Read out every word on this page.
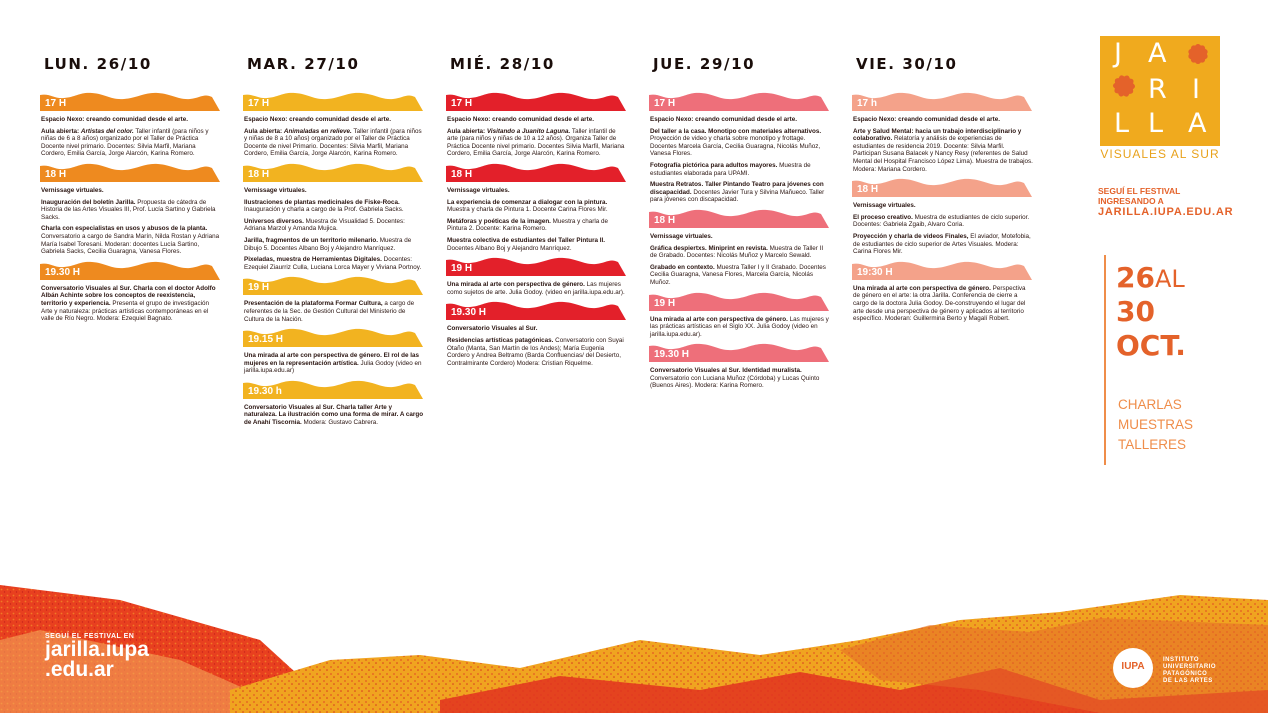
LUN. 26/10
17 H

Espacio Nexo: creando comunidad desde el arte.

Aula abierta: Artistas del color. Taller infantil (para niños y niñas de 6 a 8 años) organizado por el Taller de Práctica Docente nivel primario. Docentes: Silvia Marfil, Mariana Cordero, Emilia García, Jorge Alarcón, Karina Romero.

18 H

Vernissage virtuales.

Inauguración del boletín Jarilla. Propuesta de cátedra de Historia de las Artes Visuales III, Prof. Lucía Sartino y Gabriela Sacks.

Charla con especialistas en usos y abusos de la planta. Conversatorio a cargo de Sandra Marín, Nilda Rostan y Adriana María Isabel Toresani. Moderan: docentes Lucía Sartino, Gabriela Sacks, Cecilia Guaragna, Vanesa Flores.

19.30 H

Conversatorio Visuales al Sur. Charla con el doctor Adolfo Albán Achinte sobre los conceptos de reexistencia, territorio y experiencia. Presenta el grupo de investigación Arte y naturaleza: prácticas artísticas contemporáneas en el valle de Río Negro. Modera: Ezequiel Bagnato.

MAR. 27/10
17 H

Espacio Nexo: creando comunidad desde el arte.

Aula abierta: Animaladas en relieve. Taller infantil (para niños y niñas de 8 a 10 años) organizado por el Taller de Práctica Docente de nivel Primario. Docentes: Silvia Marfil, Mariana Cordero, Emilia García, Jorge Alarcón, Karina Romero.

18 H

Vernissage virtuales.

Ilustraciones de plantas medicinales de Fiske-Roca. Inauguración y charla a cargo de la Prof. Gabriela Sacks.

Universos diversos. Muestra de Visualidad 5. Docentes: Adriana Marzol y Amanda Mujica.

Jarilla, fragmentos de un territorio milenario. Muestra de Dibujo 5. Docentes Albano Boj y Alejandro Manríquez.

Pixeladas, muestra de Herramientas Digitales. Docentes: Ezequiel Ziaurriz Culla, Luciana Lorca Mayer y Viviana Portnoy.

19 H

Presentación de la plataforma Formar Cultura, a cargo de referentes de la Sec. de Gestión Cultural del Ministerio de Cultura de la Nación.

19.15 H

Una mirada al arte con perspectiva de género. El rol de las mujeres en la representación artística. Julia Godoy (video en jarilla.iupa.edu.ar)

19.30 h

Conversatorio Visuales al Sur. Charla taller Arte y naturaleza. La ilustración como una forma de mirar. A cargo de Anahí Tiscornia. Modera: Gustavo Cabrera.

MIÉ. 28/10
17 H

Espacio Nexo: creando comunidad desde el arte.

Aula abierta: Visitando a Juanito Laguna. Taller infantil de arte (para niños y niñas de 10 a 12 años). Organiza Taller de Práctica Docente nivel primario. Docentes Silvia Marfil, Mariana Cordero, Emilia García, Jorge Alarcón, Karina Romero.

18 H

Vernissage virtuales.

La experiencia de comenzar a dialogar con la pintura. Muestra y charla de Pintura 1. Docente Carina Flores Mir.

Metáforas y poéticas de la imagen. Muestra y charla de Pintura 2. Docente: Karina Romero.

Muestra colectiva de estudiantes del Taller Pintura II. Docentes Albano Boj y Alejandro Manríquez.

19 H

Una mirada al arte con perspectiva de género. Las mujeres como sujetos de arte. Julia Godoy. (video en jarilla.iupa.edu.ar).

19.30 H

Conversatorio Visuales al Sur.

Residencias artísticas patagónicas. Conversatorio con Suyai Otaño (Manta, San Martín de los Andes); María Eugenia Cordero y Andrea Beltramo (Barda Confluencias/ del Desierto, Contralmirante Cordero) Modera: Cristian Riquelme.

JUE. 29/10
17 H

Espacio Nexo: creando comunidad desde el arte.

Del taller a la casa. Monotipo con materiales alternativos. Proyección de video y charla sobre monotipo y frottage. Docentes Marcela García, Cecilia Guaragna, Nicolás Muñoz, Vanesa Flores.

Fotografía pictórica para adultos mayores. Muestra de estudiantes elaborada para UPAMI.

Muestra Retratos. Taller Pintando Teatro para jóvenes con discapacidad. Docentes Javier Tura y Silvina Mañueco. Taller para jóvenes con discapacidad.

18 H

Vernissage virtuales.

Gráfica despiertxs. Miniprint en revista. Muestra de Taller II de Grabado. Docentes: Nicolás Muñoz y Marcelo Sewald.

Grabado en contexto. Muestra Taller I y II Grabado. Docentes Cecilia Guaragna, Vanesa Flores, Marcela García, Nicolás Muñoz.

19 H

Una mirada al arte con perspectiva de género. Las mujeres y las prácticas artísticas en el Siglo XX. Julia Godoy (video en jarilla.iupa.edu.ar).

19.30 H

Conversatorio Visuales al Sur. Identidad muralista. Conversatorio con Luciana Muñoz (Córdoba) y Lucas Quinto (Buenos Aires). Modera: Karina Romero.

VIE. 30/10
17 h

Espacio Nexo: creando comunidad desde el arte.

Arte y Salud Mental: hacia un trabajo interdisciplinario y colaborativo. Relatoría y análisis de experiencias de estudiantes de residencia 2019. Docente: Silvia Marfil. Participan Susana Balacek y Nancy Resy (referentes de Salud Mental del Hospital Francisco López Lima). Muestra de trabajos. Modera: Mariana Cordero.

18 H

Vernissage virtuales.

El proceso creativo. Muestra de estudiantes de ciclo superior. Docentes: Gabriela Zgaib, Alvaro Coria.

Proyección y charla de videos Finales, El aviador, Motefobia, de estudiantes de ciclo superior de Artes Visuales. Modera: Carina Flores Mir.

19:30 H

Una mirada al arte con perspectiva de género. Perspectiva de género en el arte: la otra Jarilla. Conferencia de cierre a cargo de la doctora Julia Godoy. De-construyendo el lugar del arte desde una perspectiva de género y aplicados al territorio específico. Moderan: Guillermina Berto y Magalí Robert.

J A
R I
L L A
VISUALES AL SUR
SEGUÍ EL FESTIVAL INGRESANDO A
JARILLA.IUPA.EDU.AR
26AL
30
OCT.
CHARLAS
MUESTRAS
TALLERES
SEGUÍ EL FESTIVAL EN
jarilla.iupa
.edu.ar	IUPA
INSTITUTO
UNIVERSITARIO
PATAGÓNICO
DE LAS ARTES
